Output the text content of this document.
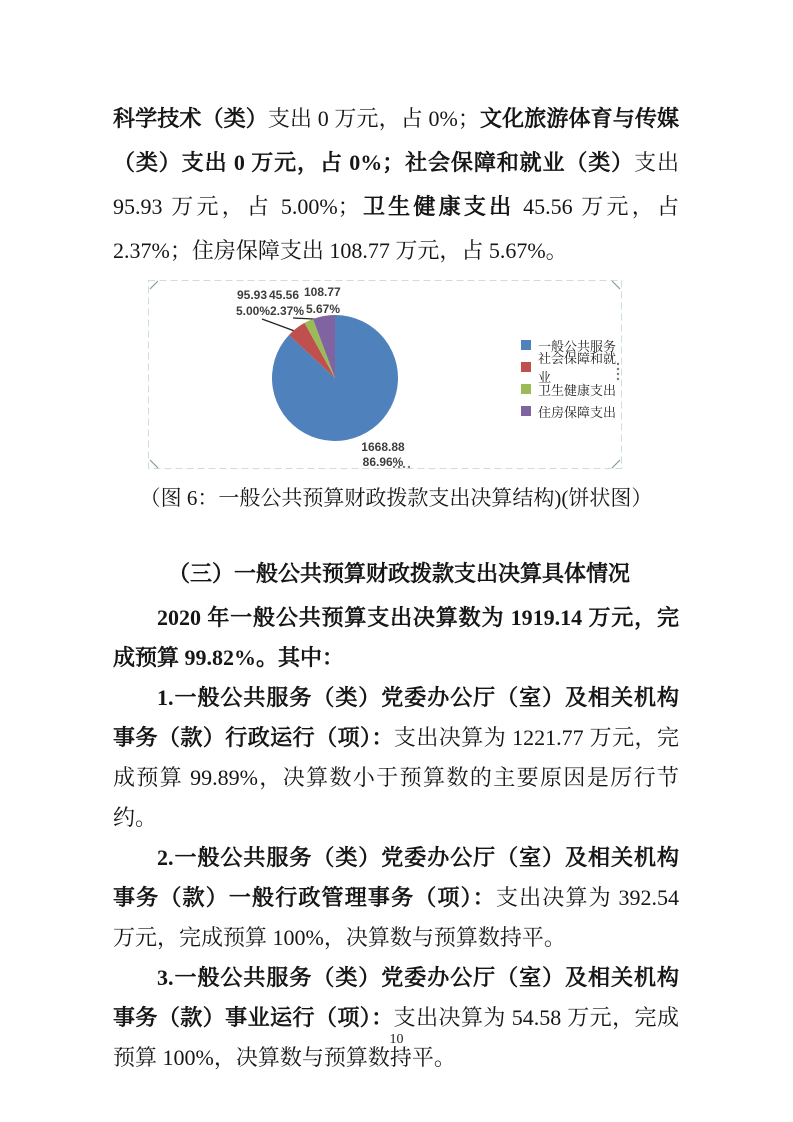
科学技术（类）支出 0 万元，占 0%；文化旅游体育与传媒（类）支出 0 万元，占 0%；社会保障和就业（类）支出 95.93 万元，占 5.00%；卫生健康支出 45.56 万元，占 2.37%；住房保障支出 108.77 万元，占 5.67%。

95.93 45.56 108.77
5.00% 2.37% 5.67%
1668.88
86.96%
一般公共服务
社会保障和就业
卫生健康支出
住房保障支出

（图 6：一般公共预算财政拨款支出决算结构)(饼状图）

（三）一般公共预算财政拨款支出决算具体情况

2020 年一般公共预算支出决算数为 1919.14 万元，完成预算 99.82%。其中：

1.一般公共服务（类）党委办公厅（室）及相关机构事务（款）行政运行（项）：支出决算为 1221.77 万元，完成预算 99.89%，决算数小于预算数的主要原因是厉行节约。

2.一般公共服务（类）党委办公厅（室）及相关机构事务（款）一般行政管理事务（项）：支出决算为 392.54 万元，完成预算 100%，决算数与预算数持平。

3.一般公共服务（类）党委办公厅（室）及相关机构事务（款）事业运行（项）：支出决算为 54.58 万元，完成预算 100%，决算数与预算数持平。

10
